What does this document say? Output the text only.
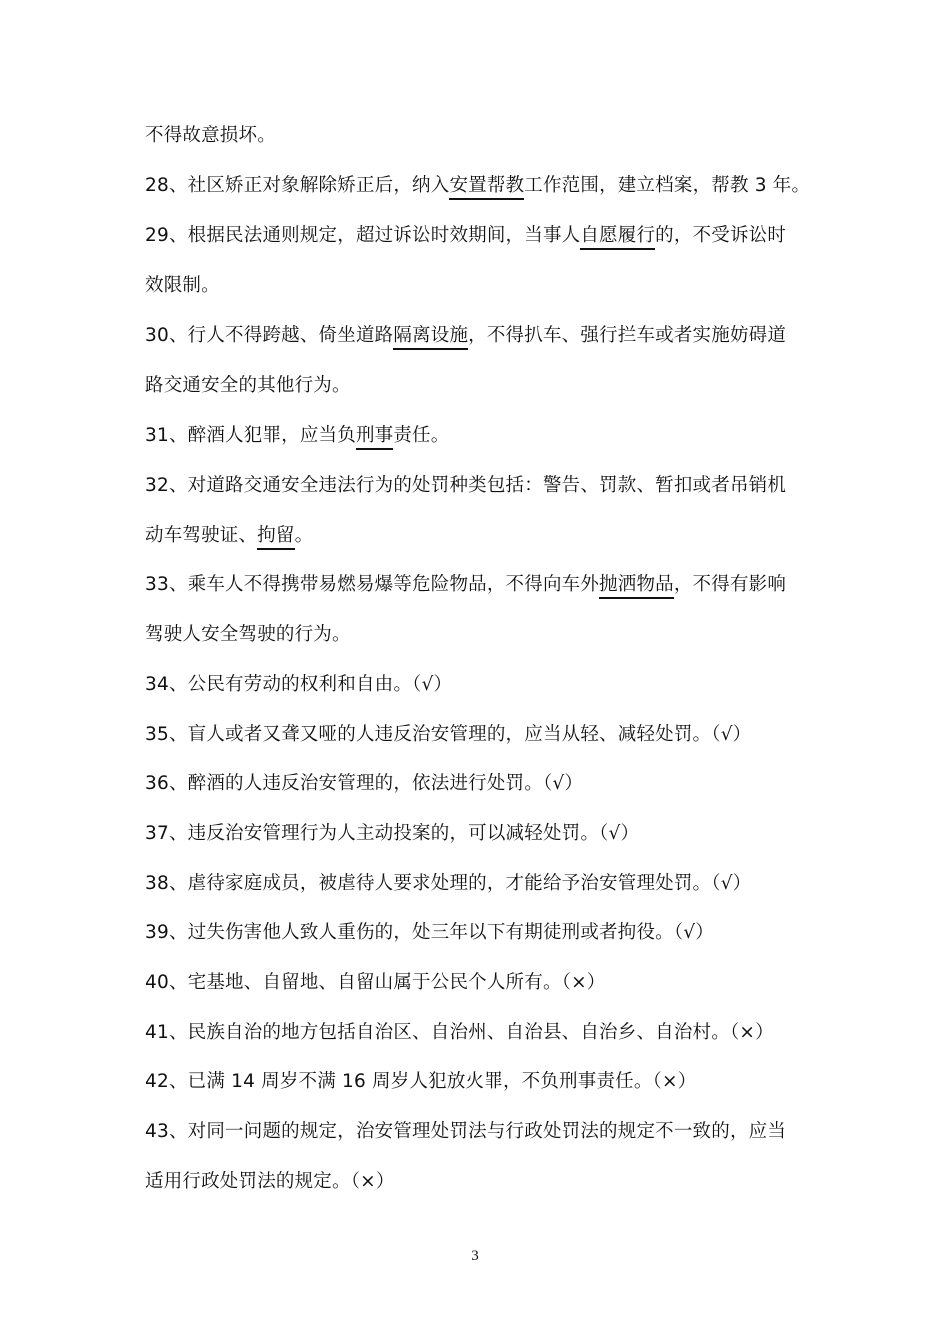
不得故意损坏。
28、社区矫正对象解除矫正后，纳入安置帮教工作范围，建立档案，帮教 3 年。
29、根据民法通则规定，超过诉讼时效期间，当事人自愿履行的，不受诉讼时
效限制。
30、行人不得跨越、倚坐道路隔离设施，不得扒车、强行拦车或者实施妨碍道
路交通安全的其他行为。
31、醉酒人犯罪，应当负刑事责任。
32、对道路交通安全违法行为的处罚种类包括：警告、罚款、暂扣或者吊销机
动车驾驶证、拘留。
33、乘车人不得携带易燃易爆等危险物品，不得向车外抛洒物品，不得有影响
驾驶人安全驾驶的行为。
34、公民有劳动的权利和自由。（√）
35、盲人或者又聋又哑的人违反治安管理的，应当从轻、减轻处罚。（√）
36、醉酒的人违反治安管理的，依法进行处罚。（√）
37、违反治安管理行为人主动投案的，可以减轻处罚。（√）
38、虐待家庭成员，被虐待人要求处理的，才能给予治安管理处罚。（√）
39、过失伤害他人致人重伤的，处三年以下有期徒刑或者拘役。（√）
40、宅基地、自留地、自留山属于公民个人所有。（×）
41、民族自治的地方包括自治区、自治州、自治县、自治乡、自治村。（×）
42、已满 14 周岁不满 16 周岁人犯放火罪，不负刑事责任。（×）
43、对同一问题的规定，治安管理处罚法与行政处罚法的规定不一致的，应当
适用行政处罚法的规定。（×）
3
